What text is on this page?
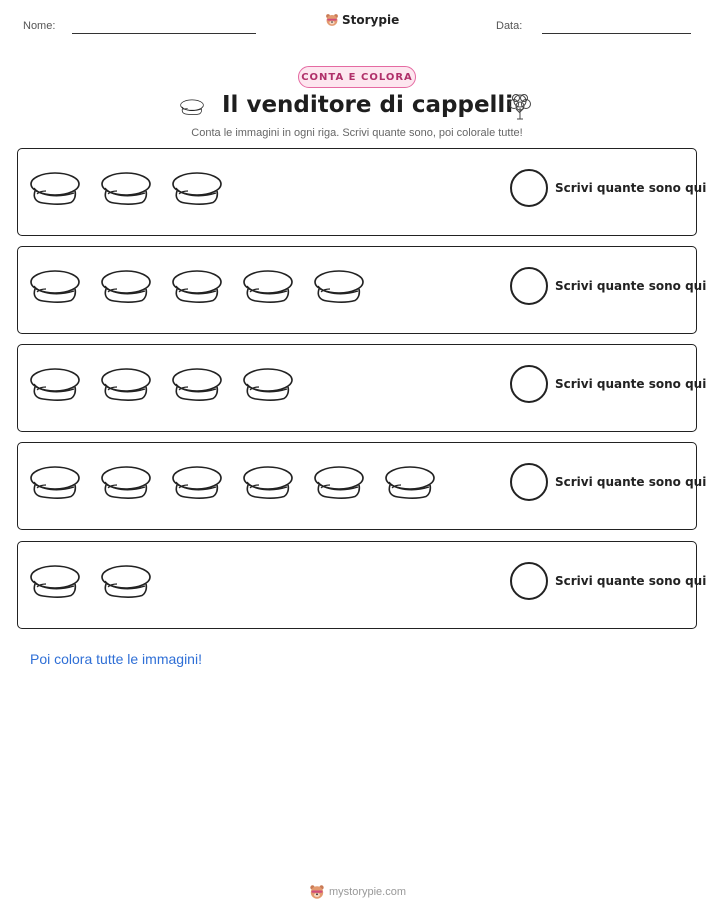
Nome:	Storypie	Data:
CONTA E COLORA
Il venditore di cappelli
Conta le immagini in ogni riga. Scrivi quante sono, poi colorale tutte!
Scrivi quante sono qui
Scrivi quante sono qui
Scrivi quante sono qui
Scrivi quante sono qui
Scrivi quante sono qui
Poi colora tutte le immagini!
mystorypie.com
